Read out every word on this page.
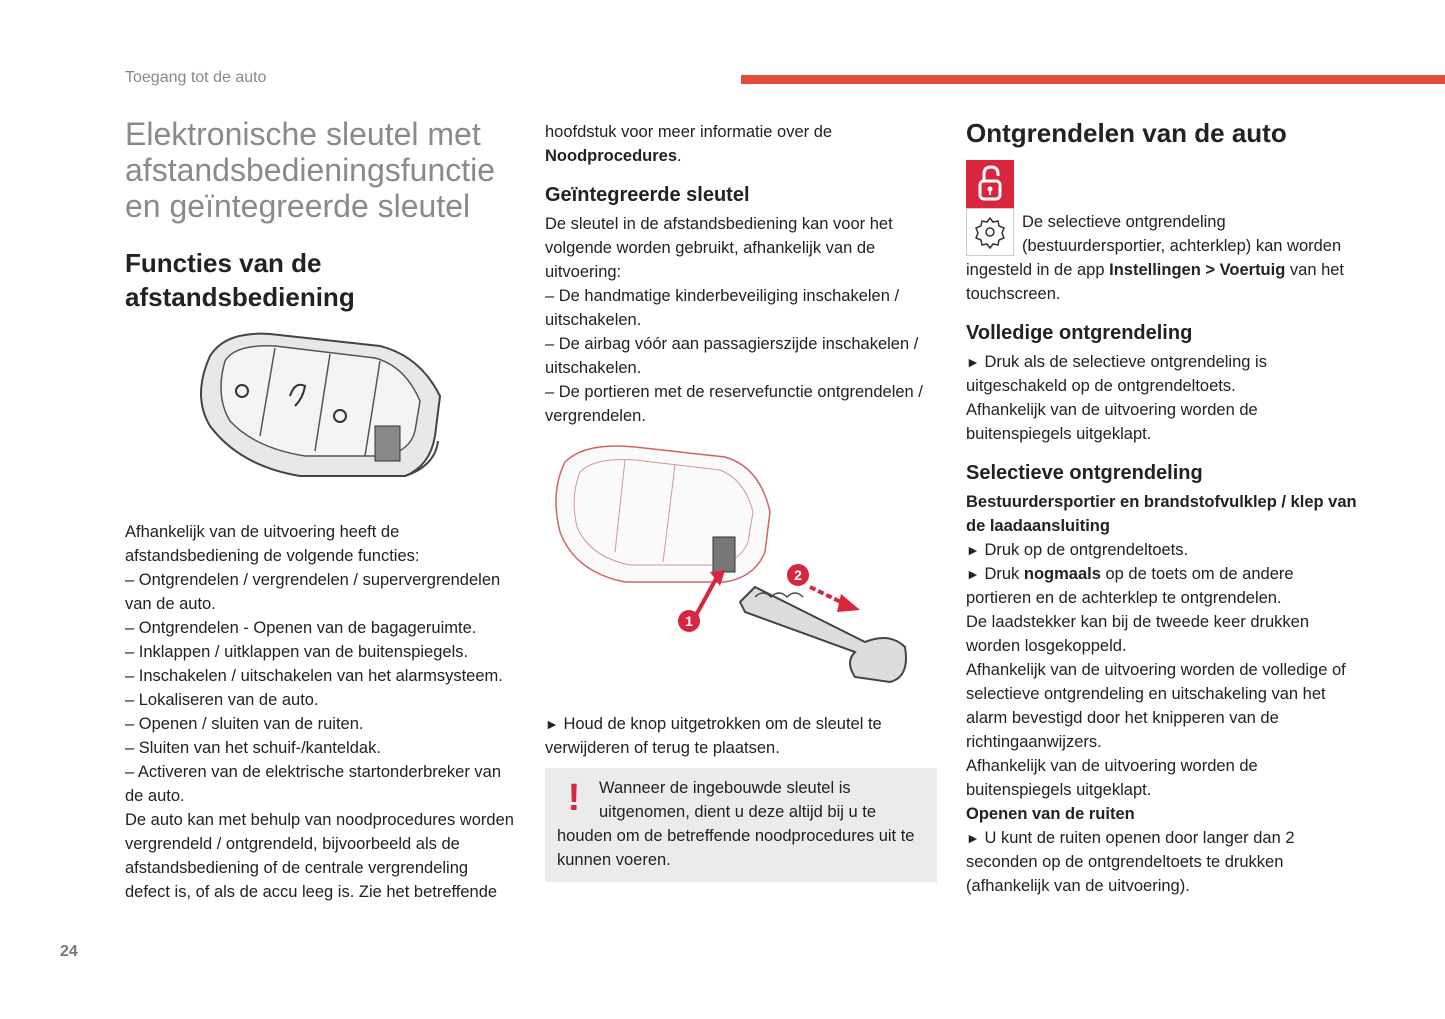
Toegang tot de auto
24
Elektronische sleutel met afstandsbedieningsfunctie en geïntegreerde sleutel
Functies van de afstandsbediening

Afhankelijk van de uitvoering heeft de afstandsbediening de volgende functies:

– Ontgrendelen / vergrendelen / supervergrendelen van de auto.
– Ontgrendelen - Openen van de bagageruimte.
– Inklappen / uitklappen van de buitenspiegels.
– Inschakelen / uitschakelen van het alarmsysteem.
– Lokaliseren van de auto.
– Openen / sluiten van de ruiten.
– Sluiten van het schuif-/kanteldak.
– Activeren van de elektrische startonderbreker van de auto.

De auto kan met behulp van noodprocedures worden vergrendeld / ontgrendeld, bijvoorbeeld als de afstandsbediening of de centrale vergrendeling defect is, of als de accu leeg is. Zie het betreffende

hoofdstuk voor meer informatie over de Noodprocedures.

Geïntegreerde sleutel

De sleutel in de afstandsbediening kan voor het volgende worden gebruikt, afhankelijk van de uitvoering:

– De handmatige kinderbeveiliging inschakelen / uitschakelen.
– De airbag vóór aan passagierszijde inschakelen / uitschakelen.
– De portieren met de reservefunctie ontgrendelen / vergrendelen.
1
2

► Houd de knop uitgetrokken om de sleutel te verwijderen of terug te plaatsen.

!	Wanneer de ingebouwde sleutel is uitgenomen, dient u deze altijd bij u te houden om de betreffende noodprocedures uit te kunnen voeren.

Ontgrendelen van de auto

De selectieve ontgrendeling (bestuurdersportier, achterklep) kan worden ingesteld in de app Instellingen > Voertuig van het touchscreen.

Volledige ontgrendeling

► Druk als de selectieve ontgrendeling is uitgeschakeld op de ontgrendeltoets.

Afhankelijk van de uitvoering worden de buitenspiegels uitgeklapt.

Selectieve ontgrendeling

Bestuurdersportier en brandstofvulklep / klep van de laadaansluiting

► Druk op de ontgrendeltoets.

► Druk nogmaals op de toets om de andere portieren en de achterklep te ontgrendelen.

De laadstekker kan bij de tweede keer drukken worden losgekoppeld.

Afhankelijk van de uitvoering worden de volledige of selectieve ontgrendeling en uitschakeling van het alarm bevestigd door het knipperen van de richtingaanwijzers.

Afhankelijk van de uitvoering worden de buitenspiegels uitgeklapt.

Openen van de ruiten

► U kunt de ruiten openen door langer dan 2 seconden op de ontgrendeltoets te drukken (afhankelijk van de uitvoering).
